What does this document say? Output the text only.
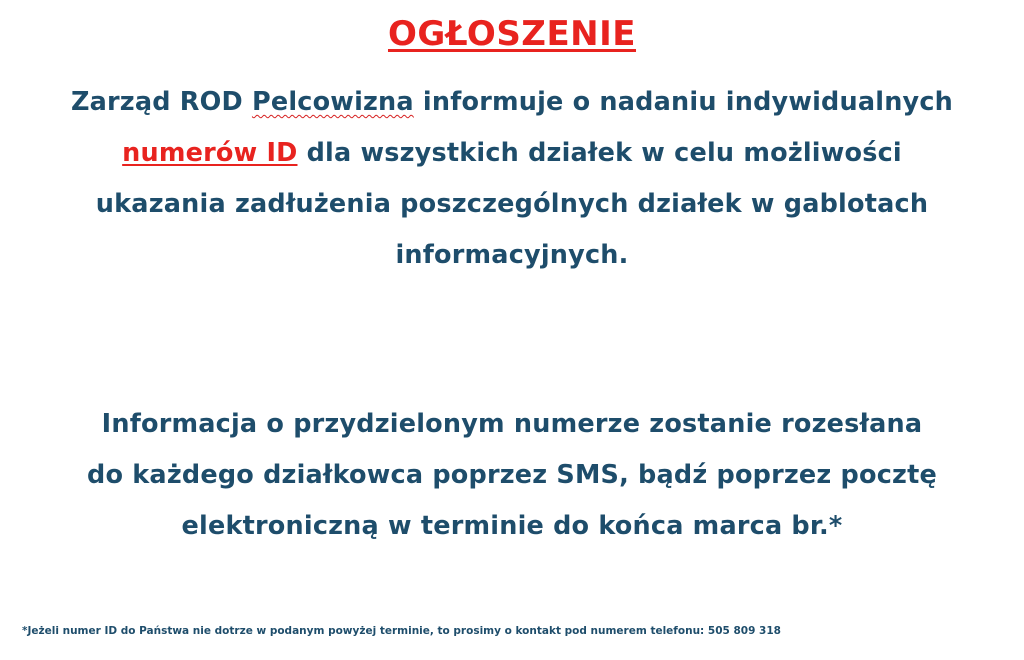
OGŁOSZENIE
Zarząd ROD Pelcowizna informuje o nadaniu indywidualnych
numerów ID dla wszystkich działek w celu możliwości
ukazania zadłużenia poszczególnych działek w gablotach
informacyjnych.
Informacja o przydzielonym numerze zostanie rozesłana
do każdego działkowca poprzez SMS, bądź poprzez pocztę
elektroniczną w terminie do końca marca br.*
*Jeżeli numer ID do Państwa nie dotrze w podanym powyżej terminie, to prosimy o kontakt pod numerem telefonu: 505 809 318
